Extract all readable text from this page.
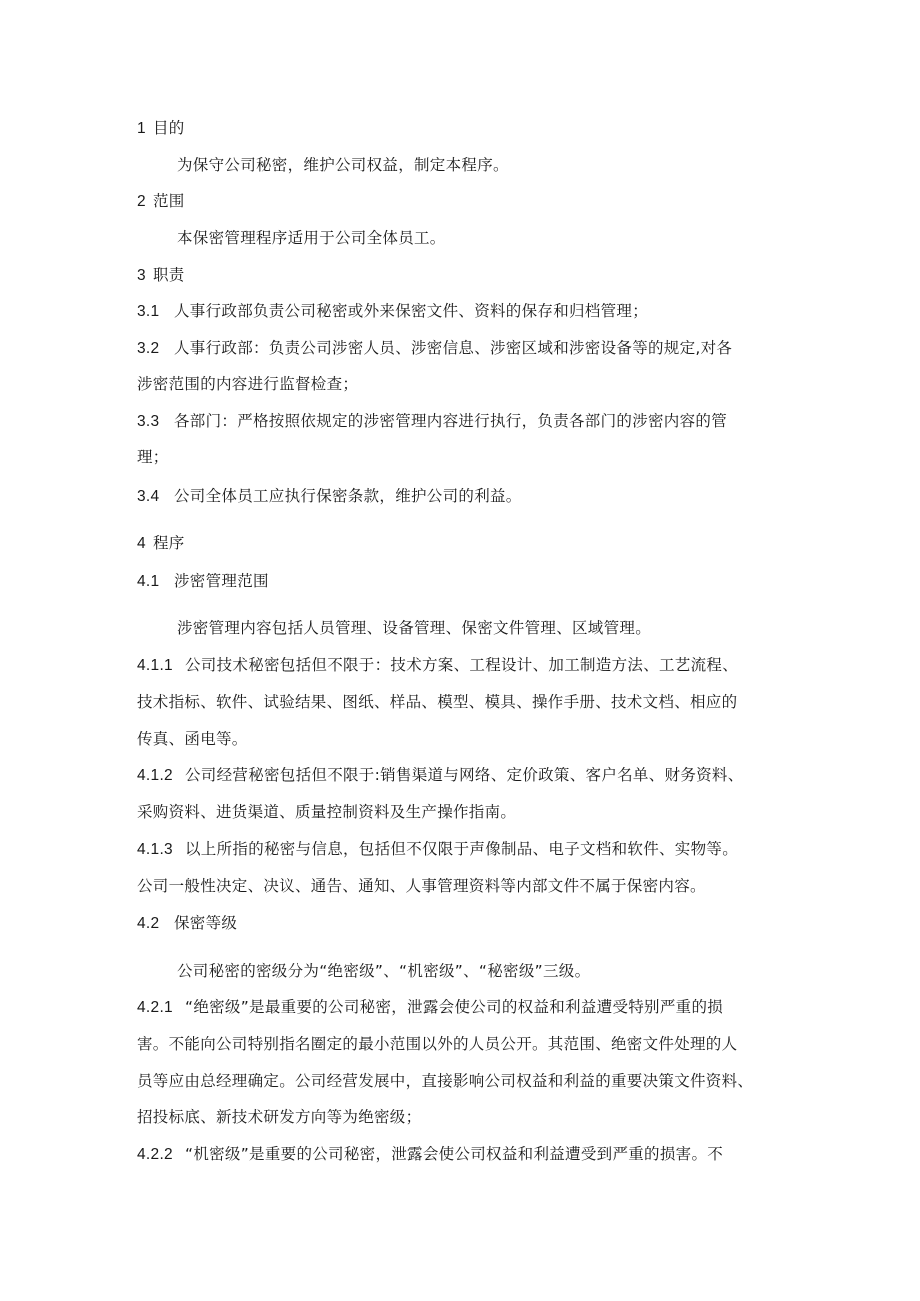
1 目的
为保守公司秘密，维护公司权益，制定本程序。
2 范围
本保密管理程序适用于公司全体员工。
3 职责
3.1 人事行政部负责公司秘密或外来保密文件、资料的保存和归档管理；
3.2 人事行政部：负责公司涉密人员、涉密信息、涉密区域和涉密设备等的规定,对各
涉密范围的内容进行监督检查；
3.3 各部门：严格按照依规定的涉密管理内容进行执行，负责各部门的涉密内容的管
理；
3.4 公司全体员工应执行保密条款，维护公司的利益。
4 程序
4.1 涉密管理范围
涉密管理内容包括人员管理、设备管理、保密文件管理、区域管理。
4.1.1 公司技术秘密包括但不限于：技术方案、工程设计、加工制造方法、工艺流程、
技术指标、软件、试验结果、图纸、样品、模型、模具、操作手册、技术文档、相应的
传真、函电等。
4.1.2 公司经营秘密包括但不限于:销售渠道与网络、定价政策、客户名单、财务资料、
采购资料、进货渠道、质量控制资料及生产操作指南。
4.1.3 以上所指的秘密与信息，包括但不仅限于声像制品、电子文档和软件、实物等。
公司一般性决定、决议、通告、通知、人事管理资料等内部文件不属于保密内容。
4.2 保密等级
公司秘密的密级分为“绝密级”、“机密级”、“秘密级”三级。
4.2.1 “绝密级”是最重要的公司秘密，泄露会使公司的权益和利益遭受特别严重的损
害。不能向公司特别指名圈定的最小范围以外的人员公开。其范围、绝密文件处理的人
员等应由总经理确定。公司经营发展中，直接影响公司权益和利益的重要决策文件资料、
招投标底、新技术研发方向等为绝密级；
4.2.2 “机密级”是重要的公司秘密，泄露会使公司权益和利益遭受到严重的损害。不
